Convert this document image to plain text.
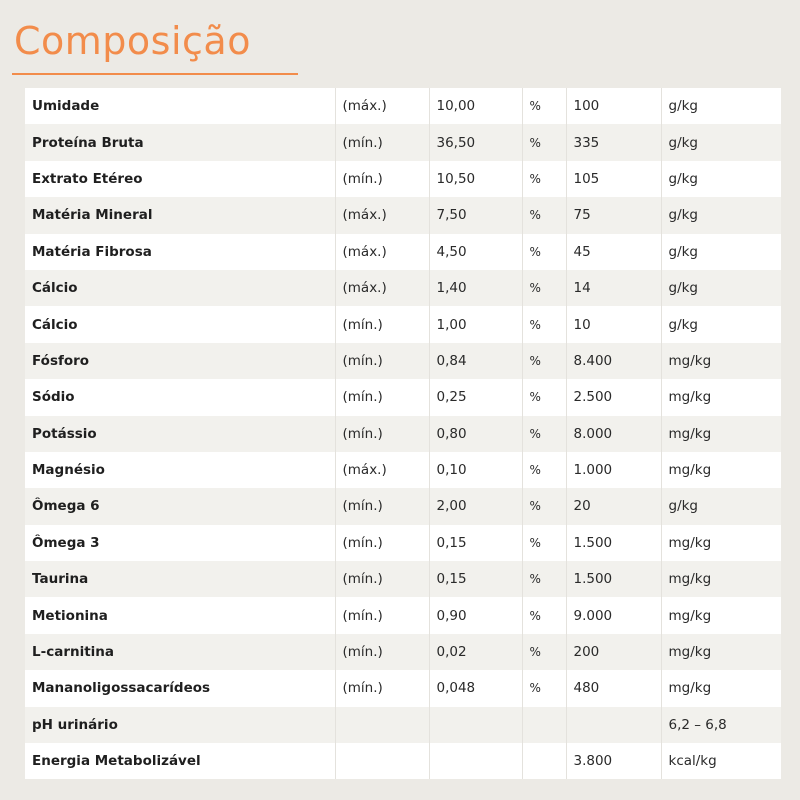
Composição
Umidade	(máx.)	10,00	%	100	g/kg
Proteína Bruta	(mín.)	36,50	%	335	g/kg
Extrato Etéreo	(mín.)	10,50	%	105	g/kg
Matéria Mineral	(máx.)	7,50	%	75	g/kg
Matéria Fibrosa	(máx.)	4,50	%	45	g/kg
Cálcio	(máx.)	1,40	%	14	g/kg
Cálcio	(mín.)	1,00	%	10	g/kg
Fósforo	(mín.)	0,84	%	8.400	mg/kg
Sódio	(mín.)	0,25	%	2.500	mg/kg
Potássio	(mín.)	0,80	%	8.000	mg/kg
Magnésio	(máx.)	0,10	%	1.000	mg/kg
Ômega 6	(mín.)	2,00	%	20	g/kg
Ômega 3	(mín.)	0,15	%	1.500	mg/kg
Taurina	(mín.)	0,15	%	1.500	mg/kg
Metionina	(mín.)	0,90	%	9.000	mg/kg
L-carnitina	(mín.)	0,02	%	200	mg/kg
Mananoligossacarídeos	(mín.)	0,048	%	480	mg/kg
pH urinário					6,2 – 6,8
Energia Metabolizável				3.800	kcal/kg
